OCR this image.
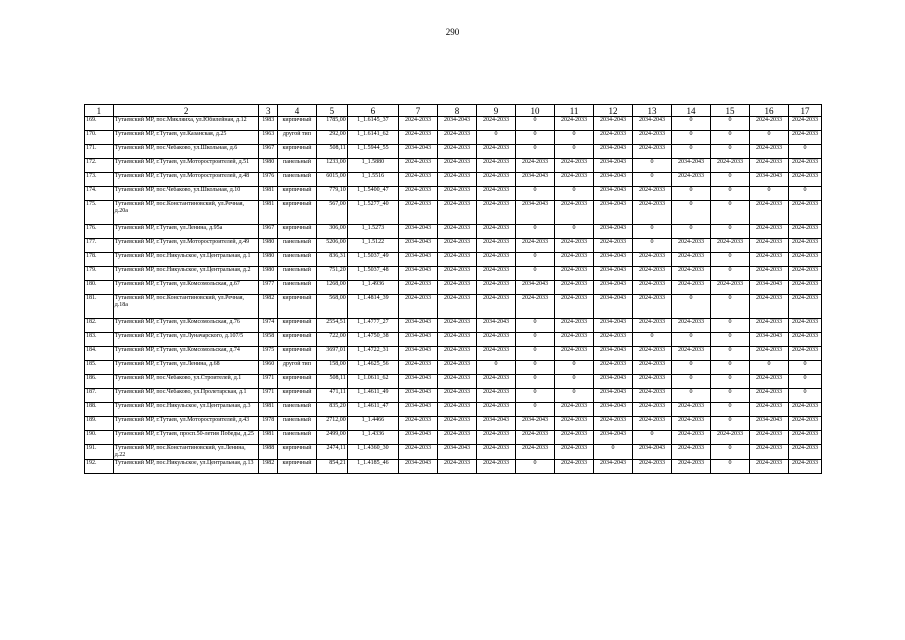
290
1	2	3	4	5	6	7	8	9	10	11	12	13	14	15	16	17
169.	Тутаевский МР, пос.Микляиха, ул.Юбилейная, д.12	1983	кирпичный	1785,00	1_1.6145_37	2024-2033	2034-2043	2024-2033	0	2024-2033	2034-2043	2034-2043	0	0	2024-2033	2024-2033
170.	Тутаевский МР, г.Тутаев, ул.Казанская, д.25	1963	другой тип	292,00	1_1.6141_62	2024-2033	2024-2033	0	0	0	2024-2033	2024-2033	0	0	0	2024-2033
171.	Тутаевский МР, пос.Чебаково, ул.Школьная, д.6	1967	кирпичный	508,11	1_1.5944_55	2034-2043	2024-2033	2024-2033	0	0	2034-2043	2024-2033	0	0	2024-2033	0
172.	Тутаевский МР, г.Тутаев, ул.Моторостроителей, д.51	1980	панельный	1233,00	1_1.5880	2024-2033	2024-2033	2024-2033	2024-2033	2024-2033	2034-2043	0	2034-2043	2024-2033	2024-2033	2024-2033
173.	Тутаевский МР, г.Тутаев, ул.Моторостроителей, д.48	1976	панельный	6015,00	1_1.5516	2024-2033	2024-2033	2024-2033	2034-2043	2024-2033	2034-2043	0	2024-2033	0	2034-2043	2024-2033
174.	Тутаевский МР, пос.Чебаково, ул.Школьная, д.10	1981	кирпичный	779,10	1_1.5400_47	2024-2033	2024-2033	2024-2033	0	0	2034-2043	2024-2033	0	0	0	0
175.	Тутаевский МР, пос.Константиновский, ул.Речная, д.20а	1981	кирпичный	567,00	1_1.5277_40	2024-2033	2024-2033	2024-2033	2034-2043	2024-2033	2034-2043	2024-2033	0	0	2024-2033	2024-2033
176.	Тутаевский МР, г.Тутаев, ул.Ленина, д.95а	1967	кирпичный	306,00	1_1.5273	2034-2043	2024-2033	2024-2033	0	0	2034-2043	0	0	0	2024-2033	2024-2033
177.	Тутаевский МР, г.Тутаев, ул.Моторостроителей, д.49	1980	панельный	5206,00	1_1.5122	2034-2043	2024-2033	2024-2033	2024-2033	2024-2033	2024-2033	0	2024-2033	2024-2033	2024-2033	2024-2033
178.	Тутаевский МР, пос.Никульское, ул.Центральная, д.1	1980	панельный	836,31	1_1.5037_49	2034-2043	2024-2033	2024-2033	0	2024-2033	2034-2043	2024-2033	2024-2033	0	2024-2033	2024-2033
179.	Тутаевский МР, пос.Никульское, ул.Центральная, д.2	1980	панельный	751,20	1_1.5037_48	2034-2043	2024-2033	2024-2033	0	2024-2033	2034-2043	2024-2033	2024-2033	0	2024-2033	2024-2033
180.	Тутаевский МР, г.Тутаев, ул.Комсомольская, д.67	1977	панельный	1268,00	1_1.4936	2024-2033	2024-2033	2024-2033	2034-2043	2024-2033	2034-2043	2024-2033	2024-2033	2024-2033	2034-2043	2024-2033
181.	Тутаевский МР, пос.Константиновский, ул.Речная, д.18а	1982	кирпичный	568,00	1_1.4814_39	2024-2033	2024-2033	2024-2033	2024-2033	2024-2033	2034-2043	2024-2033	0	0	2024-2033	2024-2033
182.	Тутаевский МР, г.Тутаев, ул.Комсомольская, д.76	1974	кирпичный	2554,51	1_1.4777_27	2034-2043	2024-2033	2034-2043	0	2024-2033	2034-2043	2024-2033	2024-2033	0	2024-2033	2024-2033
183.	Тутаевский МР, г.Тутаев, ул.Луначарского, д.107/5	1958	кирпичный	722,00	1_1.4750_38	2034-2043	2024-2033	2024-2033	0	2024-2033	2024-2033	0	0	0	2034-2043	2024-2033
184.	Тутаевский МР, г.Тутаев, ул.Комсомольская, д.74	1975	кирпичный	3697,01	1_1.4722_31	2034-2043	2024-2033	2024-2033	0	2024-2033	2034-2043	2024-2033	2024-2033	0	2024-2033	2024-2033
185.	Тутаевский МР, г.Тутаев, ул.Ленина, д.68	1960	другой тип	158,00	1_1.4625_56	2024-2033	2024-2033	0	0	0	2024-2033	2024-2033	0	0	0	0
186.	Тутаевский МР, пос.Чебаково, ул.Строителей, д.1	1971	кирпичный	508,11	1_1.0611_62	2034-2043	2024-2033	2024-2033	0	0	2034-2043	2024-2033	0	0	2024-2033	0
187.	Тутаевский МР, пос.Чебаково, ул.Пролетарская, д.1	1971	кирпичный	471,11	1_1.4611_49	2034-2043	2024-2033	2024-2033	0	0	2034-2043	2024-2033	0	0	2024-2033	0
188.	Тутаевский МР, пос.Никульское, ул.Центральная, д.3	1981	панельный	835,20	1_1.4611_47	2034-2043	2024-2033	2024-2033	0	2024-2033	2034-2043	2024-2033	2024-2033	0	2024-2033	2024-2033
189.	Тутаевский МР, г.Тутаев, ул.Моторостроителей, д.43	1978	панельный	2712,00	1_1.4466	2024-2033	2024-2033	2034-2043	2034-2043	2024-2033	2024-2033	2024-2033	2024-2033	0	2034-2043	2024-2033
190.	Тутаевский МР, г.Тутаев, просп.50-летия Победы, д.25	1981	панельный	2499,00	1_1.4336	2034-2043	2024-2033	2024-2033	2024-2033	2024-2033	2034-2043	0	2024-2033	2024-2033	2024-2033	2024-2033
191.	Тутаевский МР, пос.Константиновский, ул.Ленина, д.22	1988	кирпичный	2474,11	1_1.4360_30	2024-2033	2034-2043	2024-2033	2024-2033	2024-2033	0	2034-2043	2024-2033	0	2024-2033	2024-2033
192.	Тутаевский МР, пос.Никульское, ул.Центральная, д.13	1982	кирпичный	854,21	1_1.4185_46	2034-2043	2024-2033	2024-2033	0	2024-2033	2034-2043	2024-2033	2024-2033	0	2024-2033	2024-2033
